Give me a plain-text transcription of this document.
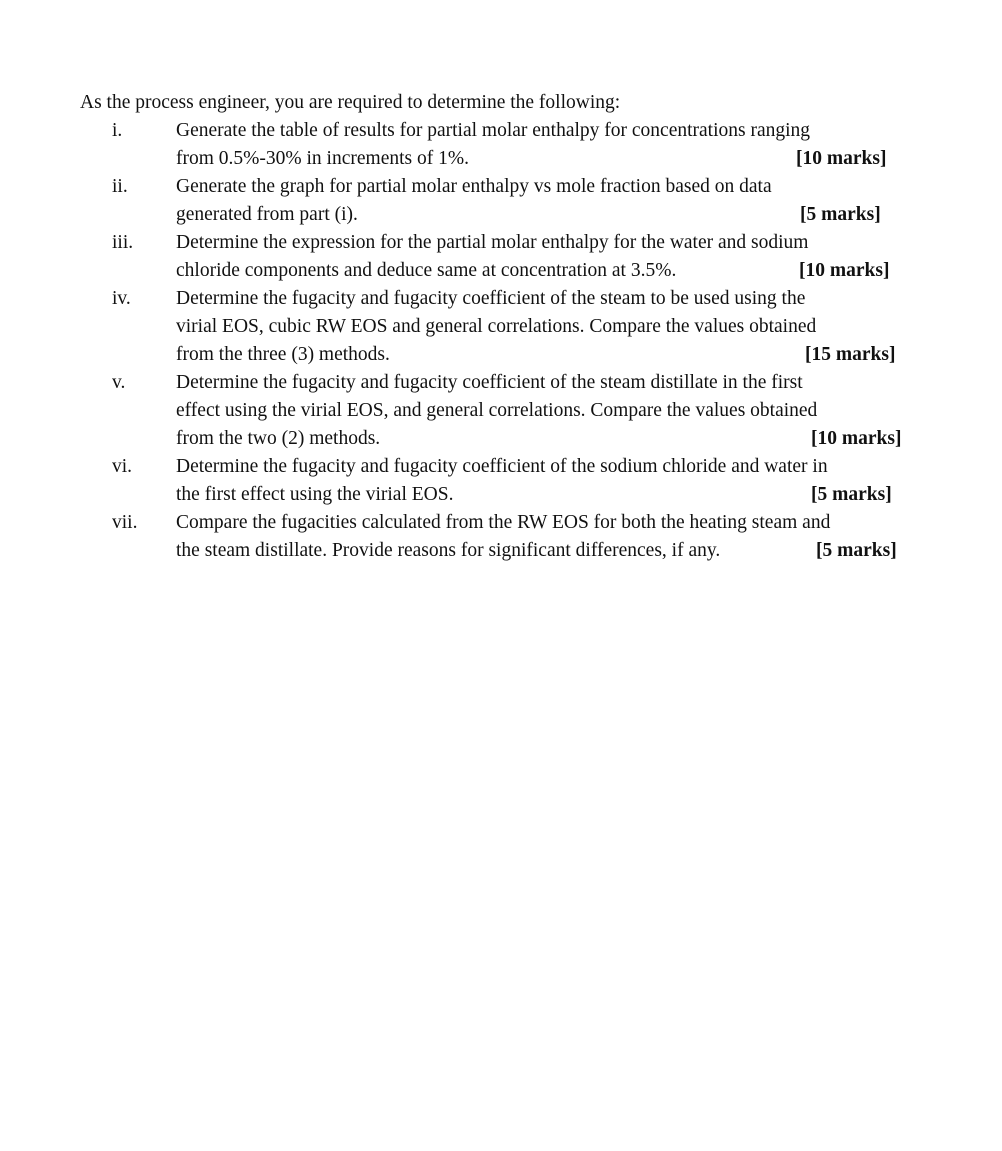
As the process engineer, you are required to determine the following:
i.	Generate the table of results for partial molar enthalpy for concentrations ranging
from 0.5%-30% in increments of 1%.	[10 marks]
ii. Generate the graph for partial molar enthalpy vs mole fraction based on data
generated from part (i).	[5 marks]
iii. Determine the expression for the partial molar enthalpy for the water and sodium
chloride components and deduce same at concentration at 3.5%.	[10 marks]
iv. Determine the fugacity and fugacity coefficient of the steam to be used using the
virial EOS, cubic RW EOS and general correlations. Compare the values obtained
from the three (3) methods.	[15 marks]
v.	Determine the fugacity and fugacity coefficient of the steam distillate in the first
effect using the virial EOS, and general correlations. Compare the values obtained
from the two (2) methods.	[10 marks]
vi. Determine the fugacity and fugacity coefficient of the sodium chloride and water in
the first effect using the virial EOS.	[5 marks]
vii. Compare the fugacities calculated from the RW EOS for both the heating steam and
the steam distillate. Provide reasons for significant differences, if any.	[5 marks]
